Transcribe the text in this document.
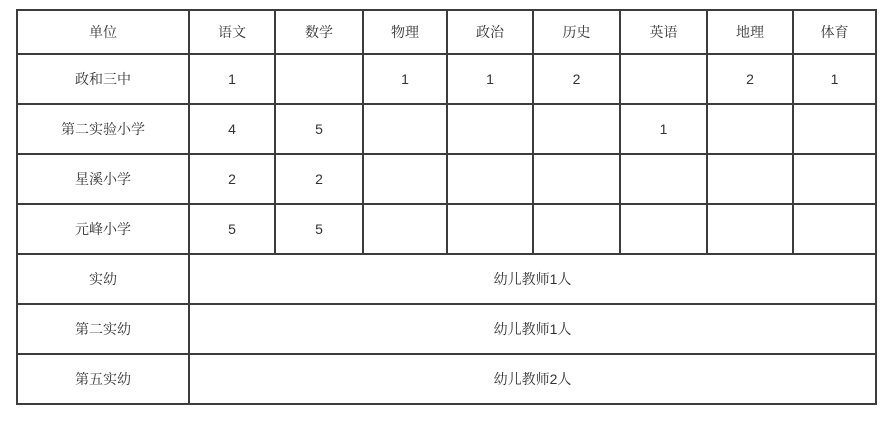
单位	语文	数学	物理	政治	历史	英语	地理	体育
政和三中	1		1	1	2		2	1
第二实验小学	4	5				1		
星溪小学	2	2						
元峰小学	5	5						
实幼	幼儿教师1人							
第二实幼	幼儿教师1人							
第五实幼	幼儿教师2人							
